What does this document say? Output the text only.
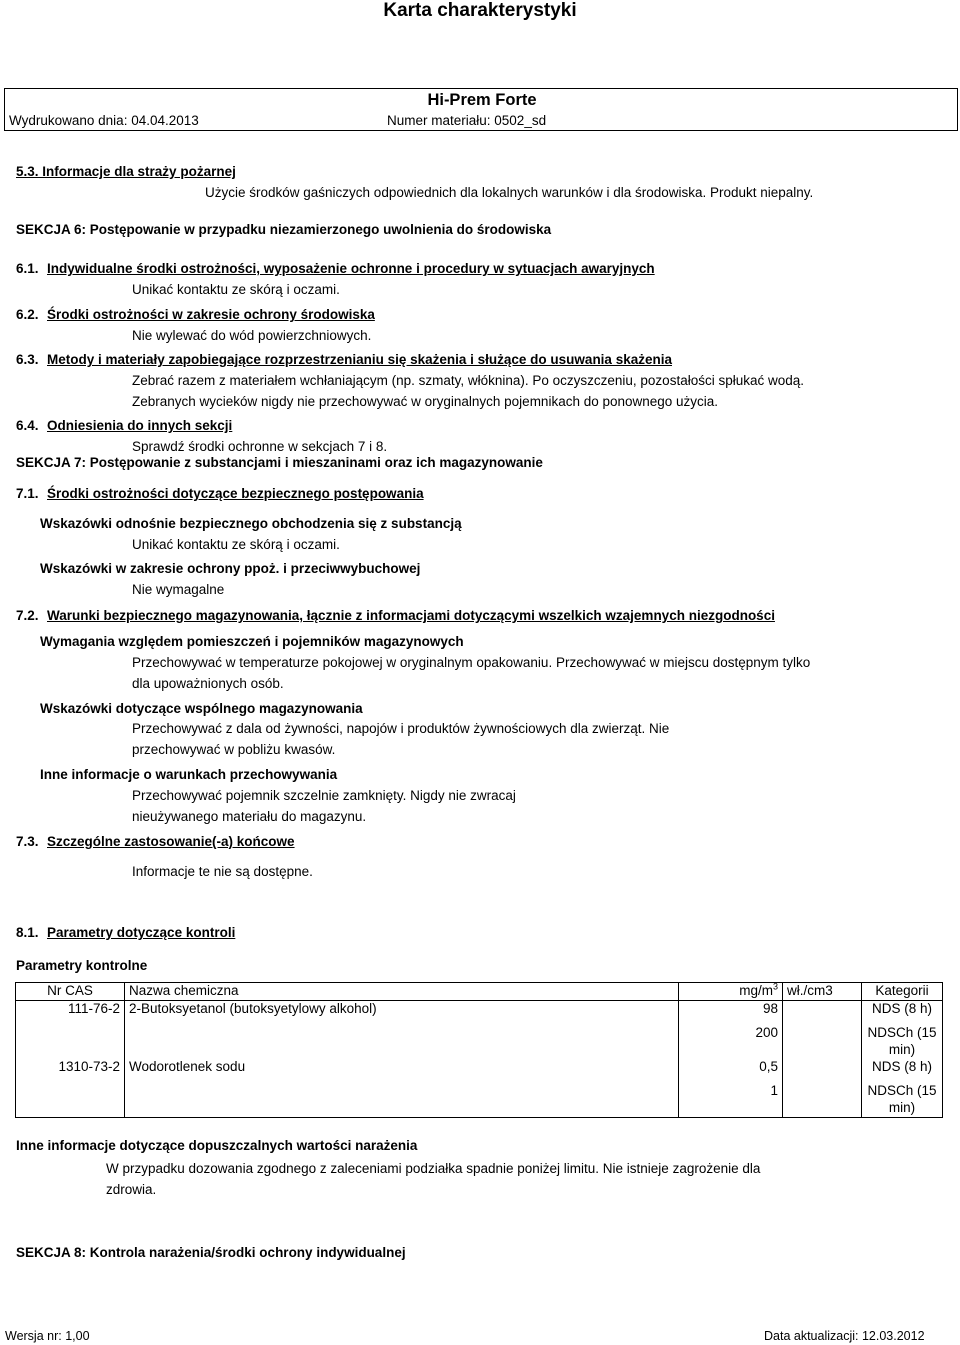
Karta charakterystyki
Hi-Prem Forte
Wydrukowano dnia: 04.04.2013	Numer materiału: 0502_sd
5.3. Informacje dla straży pożarnej
Użycie środków gaśniczych odpowiednich dla lokalnych warunków i dla środowiska. Produkt niepalny.
SEKCJA 6: Postępowanie w przypadku niezamierzonego uwolnienia do środowiska
6.1. Indywidualne środki ostrożności, wyposażenie ochronne i procedury w sytuacjach awaryjnych
Unikać kontaktu ze skórą i oczami.
6.2. Środki ostrożności w zakresie ochrony środowiska
Nie wylewać do wód powierzchniowych.
6.3. Metody i materiały zapobiegające rozprzestrzenianiu się skażenia i służące do usuwania skażenia
Zebrać razem z materiałem wchłaniającym (np. szmaty, włóknina). Po oczyszczeniu, pozostałości spłukać wodą.
Zebranych wycieków nigdy nie przechowywać w oryginalnych pojemnikach do ponownego użycia.
6.4. Odniesienia do innych sekcji
Sprawdź środki ochronne w sekcjach 7 i 8.
SEKCJA 7: Postępowanie z substancjami i mieszaninami oraz ich magazynowanie
7.1. Środki ostrożności dotyczące bezpiecznego postępowania
Wskazówki odnośnie bezpiecznego obchodzenia się z substancją
Unikać kontaktu ze skórą i oczami.
Wskazówki w zakresie ochrony ppoż. i przeciwwybuchowej
Nie wymagalne
7.2. Warunki bezpiecznego magazynowania, łącznie z informacjami dotyczącymi wszelkich wzajemnych niezgodności
Wymagania względem pomieszczeń i pojemników magazynowych
Przechowywać w temperaturze pokojowej w oryginalnym opakowaniu. Przechowywać w miejscu dostępnym tylko
dla upoważnionych osób.
Wskazówki dotyczące wspólnego magazynowania
Przechowywać z dala od żywności, napojów i produktów żywnościowych dla zwierząt. Nie
przechowywać w pobliżu kwasów.
Inne informacje o warunkach przechowywania
Przechowywać pojemnik szczelnie zamknięty. Nigdy nie zwracaj
nieużywanego materiału do magazynu.
7.3. Szczególne zastosowanie(-a) końcowe
Informacje te nie są dostępne.
8.1. Parametry dotyczące kontroli
Parametry kontrolne
Nr CAS	Nazwa chemiczna	$mg/m^3$	wł./cm3	Kategorii
111-76-2	2-Butoksyetanol (butoksyetylowy alkohol)	98		NDS (8 h)
		200		NDSCh (15 min)
1310-73-2	Wodorotlenek sodu	0,5		NDS (8 h)
		1		NDSCh (15 min)
Inne informacje dotyczące dopuszczalnych wartości narażenia
W przypadku dozowania zgodnego z zaleceniami podziałka spadnie poniżej limitu. Nie istnieje zagrożenie dla
zdrowia.
SEKCJA 8: Kontrola narażenia/środki ochrony indywidualnej
Wersja nr: 1,00	Data aktualizacji: 12.03.2012
